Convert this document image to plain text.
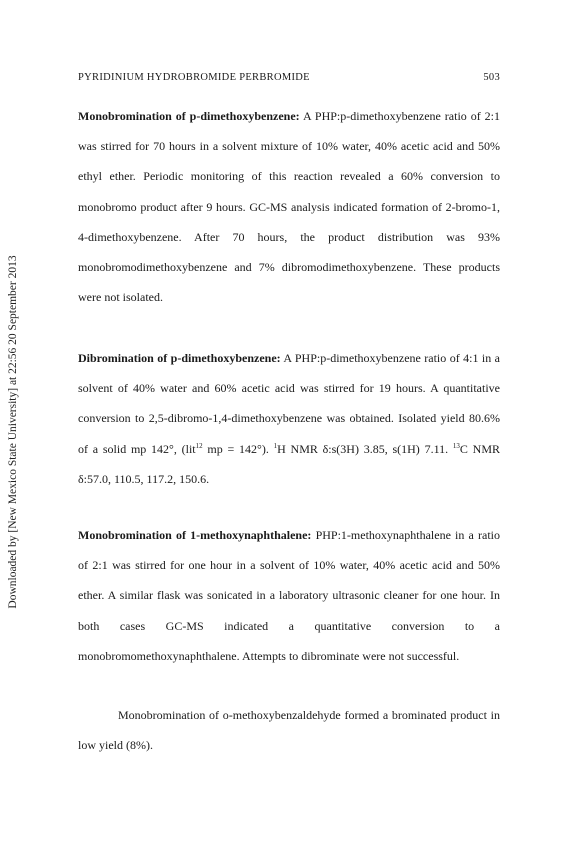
Downloaded by [New Mexico State University] at 22:56 20 September 2013
PYRIDINIUM HYDROBROMIDE PERBROMIDE	503

Monobromination of p-dimethoxybenzene: A PHP:p-dimethoxybenzene ratio of 2:1 was stirred for 70 hours in a solvent mixture of 10% water, 40% acetic acid and 50% ethyl ether. Periodic monitoring of this reaction revealed a 60% conversion to monobromo product after 9 hours. GC-MS analysis indicated formation of 2-bromo-1, 4-dimethoxybenzene. After 70 hours, the product distribution was 93% monobromodimethoxybenzene and 7% dibromodimethoxybenzene. These products were not isolated.

Dibromination of p-dimethoxybenzene: A PHP:p-dimethoxybenzene ratio of 4:1 in a solvent of 40% water and 60% acetic acid was stirred for 19 hours. A quantitative conversion to 2,5-dibromo-1,4-dimethoxybenzene was obtained. Isolated yield 80.6% of a solid mp 142°, (lit$^{12}$ mp = 142°). $^1$H NMR δ:s(3H) 3.85, s(1H) 7.11. $^{13}$C NMR δ:57.0, 110.5, 117.2, 150.6.

Monobromination of 1-methoxynaphthalene: PHP:1-methoxynaphthalene in a ratio of 2:1 was stirred for one hour in a solvent of 10% water, 40% acetic acid and 50% ether. A similar flask was sonicated in a laboratory ultrasonic cleaner for one hour. In both cases GC-MS indicated a quantitative conversion to a monobromomethoxynaphthalene. Attempts to dibrominate were not successful.

Monobromination of o-methoxybenzaldehyde formed a brominated product in low yield (8%).
